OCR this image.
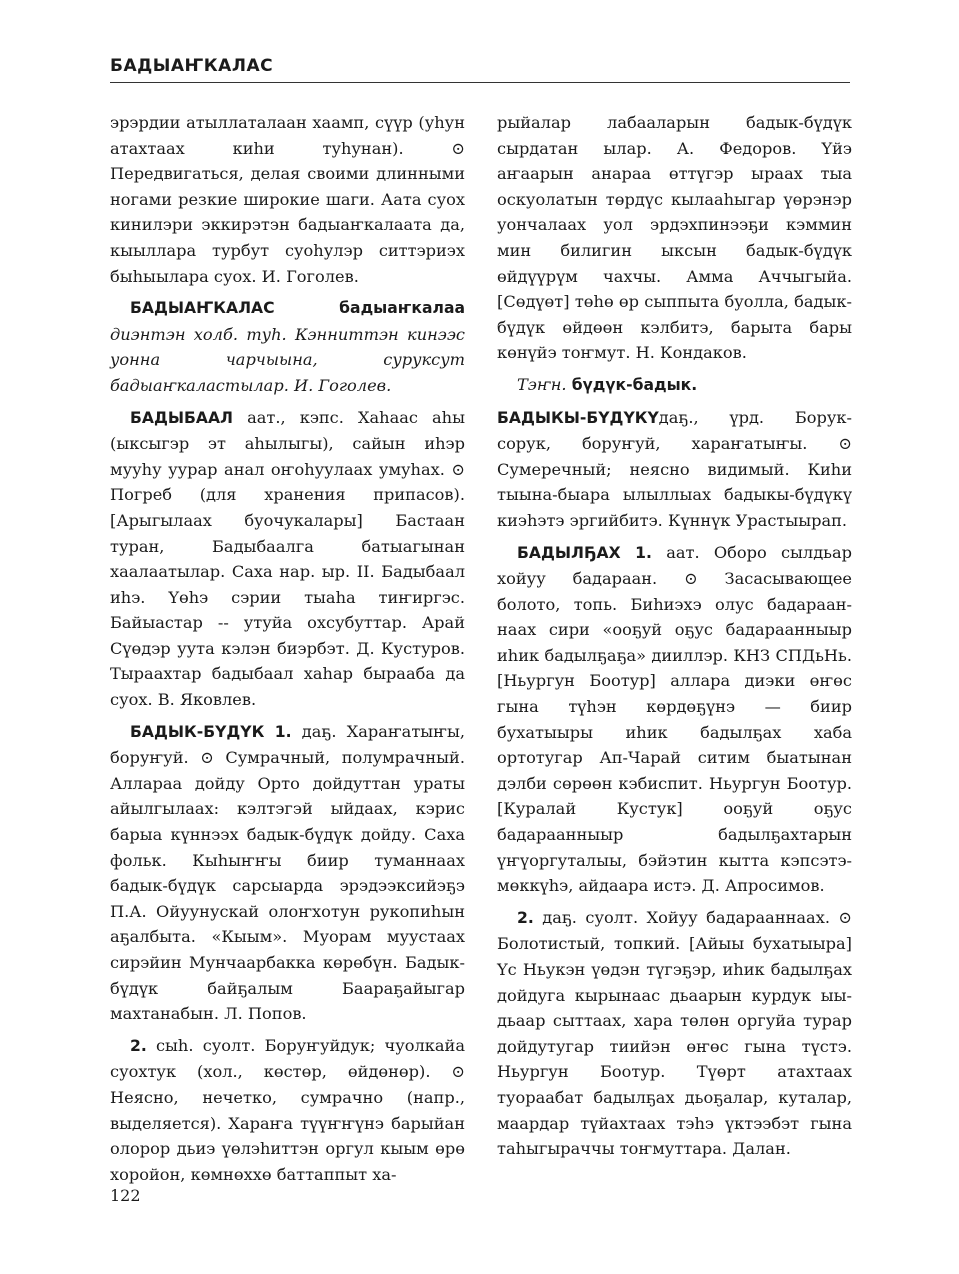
БАДЫАҤКАЛАС

эрэрдии атыллаталаан хаамп, сүүр (уһун атахтаах киһи туһунан). ⊙ Передвигаться, делая своими длинными ногами резкие широкие шаги. Аата суох кинилэри эккирэтэн бадыаҥкалаата да, кыыллара турбут суоһулэр ситтэриэх быһыылара суох. И. Гоголев.

БАДЫАҤКАЛАС	бадыаҥкалаа диэнтэн холб. туһ. Кэнниттэн кинээс уонна чарчыына, суруксут бадыаҥкаластылар. И. Гоголев.

БАДЫБААЛ аат., кэпс. Хаһаас аһы (ыксыгэр эт аһылыгы), сайын иһэр мууһу уурар анал оҥоһуулаах умуһах. ⊙ Погреб (для хранения припасов). [Арыгылаах буочукалары] Бастаан туран, Бадыбаалга батыагынан хаалаатылар. Саха нар. ыр. II. Бадыбаал иһэ. Үөһэ сэрии тыаһа тиҥиргэс. Байыастар -- утуйа охсубуттар. Арай Сүөдэр уута кэлэн биэрбэт. Д. Кустуров. Тыраахтар бадыбаал хаһар быраабa да суох. В. Яковлев.

БАДЫК-БҮДҮК 1. даҕ. Хараҥатыҥы, боруҥуй. ⊙ Сумрачный, полумрачный. Аллараа дойду Орто дойдуттан ураты айылгылаах: кэлтэгэй ыйдаах, кэрис барыа күннээх бадык-бүдүк дойду. Саха фольк. Кыһыҥҥы биир туманнаах бадык-бүдүк сарсыарда эрэдээксийэҕэ П.А. Ойуунускай олоҥхотун рукопиһын аҕалбыта. «Кыым». Муорам муустаах сирэйин Мунчаарбакка көрөбүн. Бадык-бүдүк байҕалым Баараҕайыгар махтанабын. Л. Попов.

2. сыһ. суолт. Боруҥуйдук; чуолкайа суохтук (хол., көстөр, өйдөнөр). ⊙ Неясно, нечетко, сумрачно (напр., выделяется). Хараҥа түүҥҥүнэ барыйан олорор дьиэ үөлэһиттэн оргул кыым өрө хоройон, көмнөххө баттаппыт ха-

рыйалар лабааларын бадык-бүдүк сырдатан ылар. А. Федоров. Үйэ аҥаарын анараа өттүгэр ыраах тыа оскуолатын төрдүс кылааһыгар үөрэнэр уончалаах уол эрдэхпинээҕи кэммин мин билигин ыксын бадык-бүдүк өйдүүрүм чахчы. Амма Аччыгыйа. [Сөдүөт] төһө өр сыппыта буолла, бадык-бүдүк өйдөөн кэлбитэ, барыта бары көнүйэ тоҥмут. Н. Кондаков.

Тэҥн. бүдүк-бадык.

БАДЫКЫ-БҮДҮКҮдаҕ., үрд. Борук-сорук, боруҥуй, хараҥатыҥы. ⊙ Сумеречный; неясно видимый. Киһи тыына-быара ылыллыах бадыкы-бүдүкү киэһэтэ эргийбитэ. Күннүк Урастыырап.

БАДЫЛҔАХ 1. аат. Оборо сылдьар хойуу бадараан. ⊙ Засасывающее болото, топь. Биһиэхэ олус бадарааннаах сири «ооҕуй оҕус бадараанныыр иһик бадылҕаҕа» дииллэр. КНЗ СПДьНь. [Ньургун Боотур] аллара диэки өҥөс гына түһэн көрдөҕүнэ — биир бухатыыры иһик бадылҕах хаба ортотугар Ап-Чарай ситим быатынан дэлби сөрөөн кэбиспит. Ньургун Боотур. [Куралай Кустук] ооҕуй оҕус бадараанныыр бадылҕахтарын үҥүоргуталыы, бэйэтин кытта кэпсэтэ-мөккүһэ, айдаара истэ. Д. Апросимов.

2. даҕ. суолт. Хойуу бадарааннаах. ⊙ Болотистый, топкий. [Айыы бухатыыра] Үс Ньукэн үөдэн түгэҕэр, иһик бадылҕах дойдуга кырынаас дьаарын курдук ыы-дьаар сыттаах, хара төлөн оргуйа турар дойдутугар тиийэн өҥөс гына түстэ. Ньургун Боотур. Түөрт атахтаах туораабат бадылҕах дьоҕалар, куталар, маардар түйахтаах тэһэ үктээбэт гына таһыгыраччы тоҥмуттара. Далан.

122
